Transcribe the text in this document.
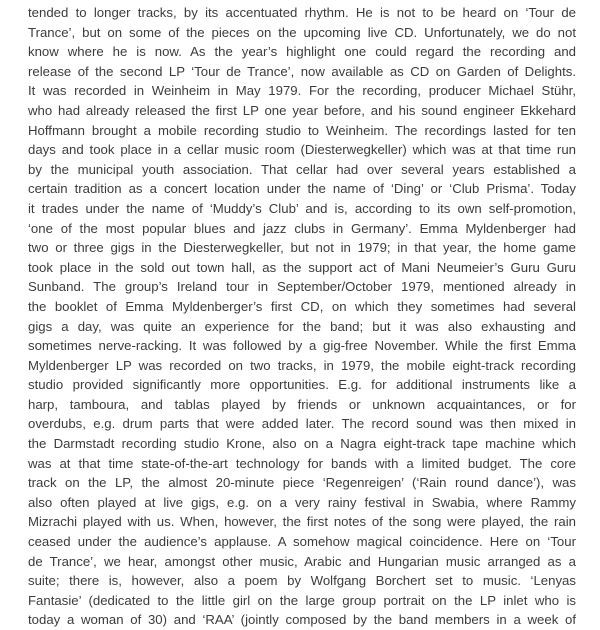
tended to longer tracks, by its accentuated rhythm. He is not to be heard on ‘Tour de
Trance’, but on some of the pieces on the upcoming live CD. Unfortunately, we do not
know where he is now. As the year’s highlight one could regard the recording and
release of the second LP ‘Tour de Trance’, now available as CD on Garden of Delights.
It was recorded in Weinheim in May 1979. For the recording, producer Michael Stühr,
who had already released the first LP one year before, and his sound engineer Ekkehard
Hoffmann brought a mobile recording studio to Weinheim. The recordings lasted for ten
days and took place in a cellar music room (Diesterwegkeller) which was at that time run
by the municipal youth association. That cellar had over several years established a
certain tradition as a concert location under the name of ‘Ding’ or ‘Club Prisma’. Today
it trades under the name of ‘Muddy’s Club’ and is, according to its own self-promotion,
‘one of the most popular blues and jazz clubs in Germany’. Emma Myldenberger had
two or three gigs in the Diesterwegkeller, but not in 1979; in that year, the home game
took place in the sold out town hall, as the support act of Mani Neumeier’s Guru Guru
Sunband. The group’s Ireland tour in September/October 1979, mentioned already in
the booklet of Emma Myldenberger’s first CD, on which they sometimes had several
gigs a day, was quite an experience for the band; but it was also exhausting and
sometimes nerve-racking. It was followed by a gig-free November. While the first Emma
Myldenberger LP was recorded on two tracks, in 1979, the mobile eight-track recording
studio provided significantly more opportunities. E.g. for additional instruments like a
harp, tamboura, and tablas played by friends or unknown acquaintances, or for
overdubs, e.g. drum parts that were added later. The record sound was then mixed in
the Darmstadt recording studio Krone, also on a Nagra eight-track tape machine which
was at that time state-of-the-art technology for bands with a limited budget. The core
track on the LP, the almost 20-minute piece ‘Regenreigen’ (‘Rain round dance’), was
also often played at live gigs, e.g. on a very rainy festival in Swabia, where Rammy
Mizrachi played with us. When, however, the first notes of the song were played, the rain
ceased under the audience’s applause. A somehow magical coincidence. Here on ‘Tour
de Trance’, we hear, amongst other music, Arabic and Hungarian music arranged as a
suite; there is, however, also a poem by Wolfgang Borchert set to music. ‘Lenyas
Fantasie’ (dedicated to the little girl on the large group portrait on the LP inlet who is
today a woman of 30) and ‘RAA’ (jointly composed by the band members in a week of
